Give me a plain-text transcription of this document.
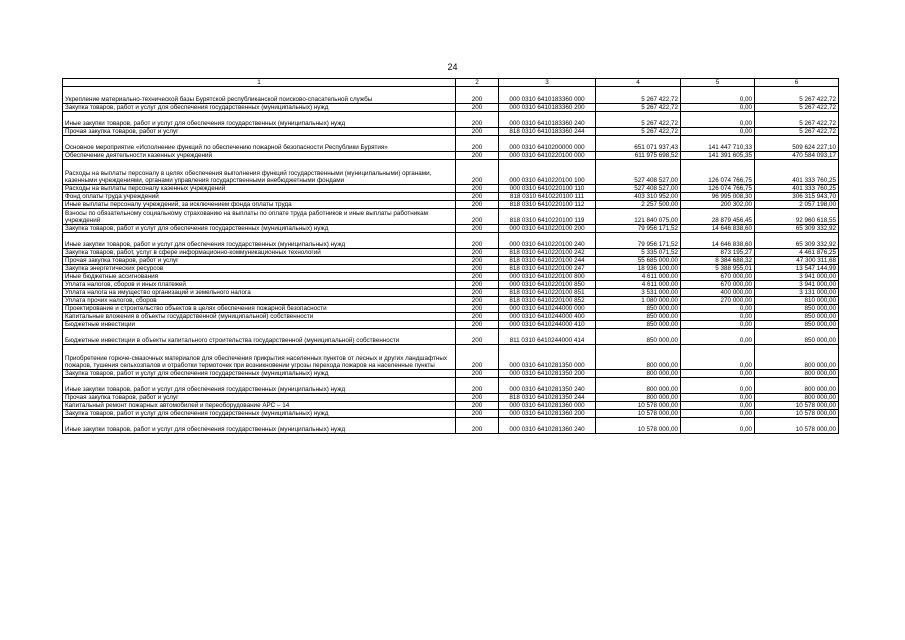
24
1	2	3	4	5	6

Укрепление материально-технической базы Бурятской республиканской поисково-спасательной службы	200	000 0310 6410183360 000	5 267 422,72	0,00	5 267 422,72

Закупка товаров, работ и услуг для обеспечения государственных (муниципальных) нужд	200	000 0310 6410183360 200	5 267 422,72	0,00	5 267 422,72

Иные закупки товаров, работ и услуг для обеспечения государственных (муниципальных) нужд	200	000 0310 6410183360 240	5 267 422,72	0,00	5 267 422,72

Прочая закупка товаров, работ и услуг	200	818 0310 6410183360 244	5 267 422,72	0,00	5 267 422,72

Основное мероприятие «Исполнение функций по обеспечению пожарной безопасности Республики Бурятия»	200	000 0310 6410200000 000	651 071 937,43	141 447 710,33	509 624 227,10

Обеспечение деятельности казенных учреждений	200	000 0310 6410220100 000	611 975 698,52	141 391 605,35	470 584 093,17

Расходы на выплаты персоналу в целях обеспечения выполнения функций государственными (муниципальными) органами, казенными учреждениями, органами управления государственными внебюджетными фондами	200	000 0310 6410220100 100	527 408 527,00	126 074 766,75	401 333 760,25

Расходы на выплаты персоналу казенных учреждений	200	000 0310 6410220100 110	527 408 527,00	126 074 766,75	401 333 760,25

Фонд оплаты труда учреждений	200	818 0310 6410220100 111	403 310 952,00	96 995 008,30	306 315 943,70

Иные выплаты персоналу учреждений, за исключением фонда оплаты труда	200	818 0310 6410220100 112	2 257 500,00	200 302,00	2 057 198,00

Взносы по обязательному социальному страхованию на выплаты по оплате труда работников и иные выплаты работникам учреждений	200	818 0310 6410220100 119	121 840 075,00	28 879 456,45	92 960 618,55

Закупка товаров, работ и услуг для обеспечения государственных (муниципальных) нужд	200	000 0310 6410220100 200	79 956 171,52	14 646 838,60	65 309 332,92

Иные закупки товаров, работ и услуг для обеспечения государственных (муниципальных) нужд	200	000 0310 6410220100 240	79 956 171,52	14 646 838,60	65 309 332,92

Закупка товаров, работ, услуг в сфере информационно-коммуникационных технологий	200	818 0310 6410220100 242	5 335 071,52	873 195,27	4 461 876,25

Прочая закупка товаров, работ и услуг	200	818 0310 6410220100 244	55 685 000,00	8 384 688,32	47 300 311,68

Закупка энергетических ресурсов	200	818 0310 6410220100 247	18 936 100,00	5 388 955,01	13 547 144,99

Иные бюджетные ассигнования	200	000 0310 6410220100 800	4 611 000,00	670 000,00	3 941 000,00

Уплата налогов, сборов и иных платежей	200	000 0310 6410220100 850	4 611 000,00	670 000,00	3 941 000,00

Уплата налога на имущество организаций и земельного налога	200	818 0310 6410220100 851	3 531 000,00	400 000,00	3 131 000,00

Уплата прочих налогов, сборов	200	818 0310 6410220100 852	1 080 000,00	270 000,00	810 000,00

Проектирование и строительство объектов в целях обеспечения пожарной безопасности	200	000 0310 6410244000 000	850 000,00	0,00	850 000,00

Капитальные вложения в объекты государственной (муниципальной) собственности	200	000 0310 6410244000 400	850 000,00	0,00	850 000,00

Бюджетные инвестиции	200	000 0310 6410244000 410	850 000,00	0,00	850 000,00

Бюджетные инвестиции в объекты капитального строительства государственной (муниципальной) собственности	200	811 0310 6410244000 414	850 000,00	0,00	850 000,00

Приобретение горюче-смазочных материалов для обеспечения прикрытия населенных пунктов от лесных и других ландшафтных пожаров, тушения сельхозпалов и отработки термоточек при возникновении угрозы перехода пожаров на населенные пункты	200	000 0310 6410281350 000	800 000,00	0,00	800 000,00

Закупка товаров, работ и услуг для обеспечения государственных (муниципальных) нужд	200	000 0310 6410281350 200	800 000,00	0,00	800 000,00

Иные закупки товаров, работ и услуг для обеспечения государственных (муниципальных) нужд	200	000 0310 6410281350 240	800 000,00	0,00	800 000,00

Прочая закупка товаров, работ и услуг	200	818 0310 6410281350 244	800 000,00	0,00	800 000,00

Капитальный ремонт пожарных автомобилей и переоборудование АРС – 14	200	000 0310 6410281360 000	10 578 000,00	0,00	10 578 000,00

Закупка товаров, работ и услуг для обеспечения государственных (муниципальных) нужд	200	000 0310 6410281360 200	10 578 000,00	0,00	10 578 000,00

Иные закупки товаров, работ и услуг для обеспечения государственных (муниципальных) нужд	200	000 0310 6410281360 240	10 578 000,00	0,00	10 578 000,00
